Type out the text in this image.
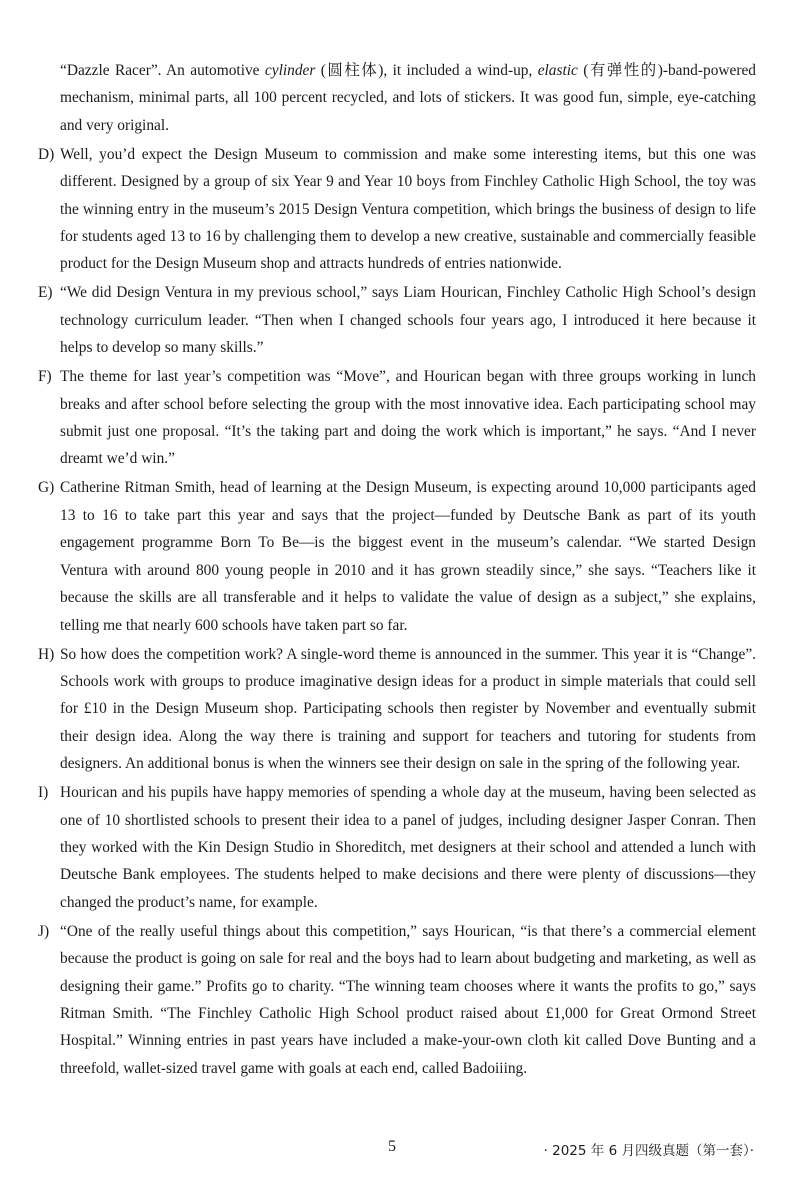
“Dazzle Racer”. An automotive cylinder (圆柱体), it included a wind-up, elastic (有弹性的)-band-powered mechanism, minimal parts, all 100 percent recycled, and lots of stickers. It was good fun, simple, eye-catching and very original.

D) Well, you’d expect the Design Museum to commission and make some interesting items, but this one was different. Designed by a group of six Year 9 and Year 10 boys from Finchley Catholic High School, the toy was the winning entry in the museum’s 2015 Design Ventura competition, which brings the business of design to life for students aged 13 to 16 by challenging them to develop a new creative, sustainable and commercially feasible product for the Design Museum shop and attracts hundreds of entries nationwide.

E) “We did Design Ventura in my previous school,” says Liam Hourican, Finchley Catholic High School’s design technology curriculum leader. “Then when I changed schools four years ago, I introduced it here because it helps to develop so many skills.”

F) The theme for last year’s competition was “Move”, and Hourican began with three groups working in lunch breaks and after school before selecting the group with the most innovative idea. Each participating school may submit just one proposal. “It’s the taking part and doing the work which is important,” he says. “And I never dreamt we’d win.”

G) Catherine Ritman Smith, head of learning at the Design Museum, is expecting around 10,000 participants aged 13 to 16 to take part this year and says that the project—funded by Deutsche Bank as part of its youth engagement programme Born To Be—is the biggest event in the museum’s calendar. “We started Design Ventura with around 800 young people in 2010 and it has grown steadily since,” she says. “Teachers like it because the skills are all transferable and it helps to validate the value of design as a subject,” she explains, telling me that nearly 600 schools have taken part so far.

H) So how does the competition work? A single-word theme is announced in the summer. This year it is “Change”. Schools work with groups to produce imaginative design ideas for a product in simple materials that could sell for £10 in the Design Museum shop. Participating schools then register by November and eventually submit their design idea. Along the way there is training and support for teachers and tutoring for students from designers. An additional bonus is when the winners see their design on sale in the spring of the following year.

I) Hourican and his pupils have happy memories of spending a whole day at the museum, having been selected as one of 10 shortlisted schools to present their idea to a panel of judges, including designer Jasper Conran. Then they worked with the Kin Design Studio in Shoreditch, met designers at their school and attended a lunch with Deutsche Bank employees. The students helped to make decisions and there were plenty of discussions—they changed the product’s name, for example.

J) “One of the really useful things about this competition,” says Hourican, “is that there’s a commercial element because the product is going on sale for real and the boys had to learn about budgeting and marketing, as well as designing their game.” Profits go to charity. “The winning team chooses where it wants the profits to go,” says Ritman Smith. “The Finchley Catholic High School product raised about £1,000 for Great Ormond Street Hospital.” Winning entries in past years have included a make-your-own cloth kit called Dove Bunting and a threefold, wallet-sized travel game with goals at each end, called Badoiiing.

5	· 2025 年 6 月四级真题（第一套）·
